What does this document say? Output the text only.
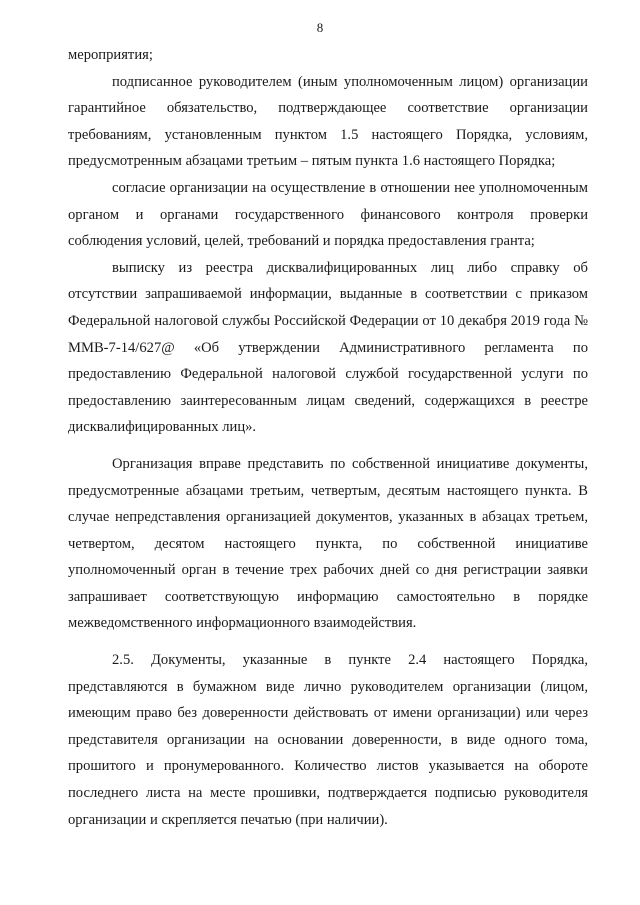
8

мероприятия;

подписанное руководителем (иным уполномоченным лицом) организации гарантийное обязательство, подтверждающее соответствие организации требованиям, установленным пунктом 1.5 настоящего Порядка, условиям, предусмотренным абзацами третьим – пятым пункта 1.6 настоящего Порядка;

согласие организации на осуществление в отношении нее уполномоченным органом и органами государственного финансового контроля проверки соблюдения условий, целей, требований и порядка предоставления гранта;

выписку из реестра дисквалифицированных лиц либо справку об отсутствии запрашиваемой информации, выданные в соответствии с приказом Федеральной налоговой службы Российской Федерации от 10 декабря 2019 года № ММВ-7-14/627@ «Об утверждении Административного регламента по предоставлению Федеральной налоговой службой государственной услуги по предоставлению заинтересованным лицам сведений, содержащихся в реестре дисквалифицированных лиц».

Организация вправе представить по собственной инициативе документы, предусмотренные абзацами третьим, четвертым, десятым настоящего пункта. В случае непредставления организацией документов, указанных в абзацах третьем, четвертом, десятом настоящего пункта, по собственной инициативе уполномоченный орган в течение трех рабочих дней со дня регистрации заявки запрашивает соответствующую информацию самостоятельно в порядке межведомственного информационного взаимодействия.

2.5. Документы, указанные в пункте 2.4 настоящего Порядка, представляются в бумажном виде лично руководителем организации (лицом, имеющим право без доверенности действовать от имени организации) или через представителя организации на основании доверенности, в виде одного тома, прошитого и пронумерованного. Количество листов указывается на обороте последнего листа на месте прошивки, подтверждается подписью руководителя организации и скрепляется печатью (при наличии).
